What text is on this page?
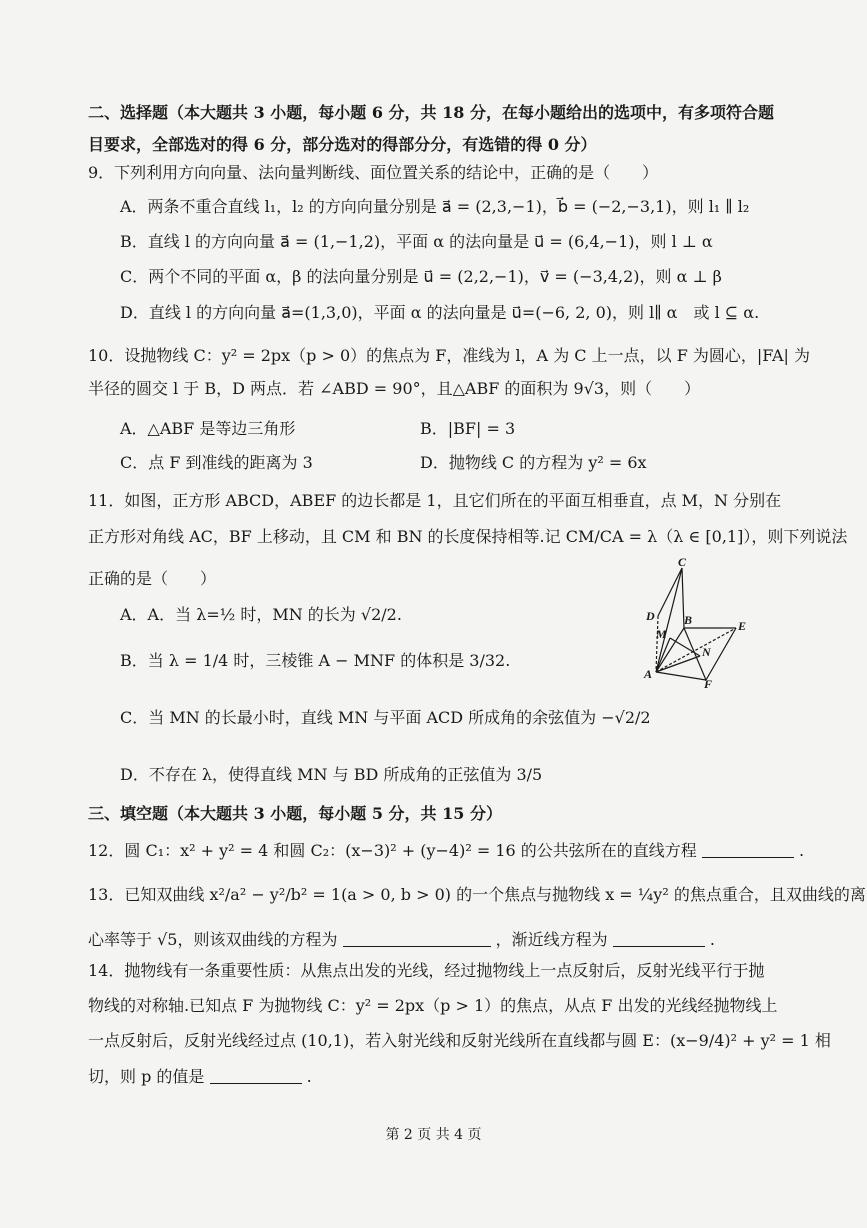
二、选择题（本大题共 3 小题，每小题 6 分，共 18 分，在每小题给出的选项中，有多项符合题
目要求，全部选对的得 6 分，部分选对的得部分分，有选错的得 0 分）
9．下列利用方向向量、法向量判断线、面位置关系的结论中，正确的是（　　）
A．两条不重合直线 l₁，l₂ 的方向向量分别是 a⃗ = (2,3,−1)，b⃗ = (−2,−3,1)，则 l₁ ∥ l₂
B．直线 l 的方向向量 a⃗ = (1,−1,2)，平面 α 的法向量是 u⃗ = (6,4,−1)，则 l ⊥ α
C．两个不同的平面 α，β 的法向量分别是 u⃗ = (2,2,−1)，v⃗ = (−3,4,2)，则 α ⊥ β
D．直线 l 的方向向量 a⃗=(1,3,0)，平面 α 的法向量是 u⃗=(−6, 2, 0)，则 l∥ α　或 l ⊆ α.
10．设抛物线 C：y² = 2px（p > 0）的焦点为 F，准线为 l，A 为 C 上一点，以 F 为圆心，|FA| 为
半径的圆交 l 于 B，D 两点．若 ∠ABD = 90°，且△ABF 的面积为 9√3，则（　　）
A．△ABF 是等边三角形	B．|BF| = 3
C．点 F 到准线的距离为 3	D．抛物线 C 的方程为 y² = 6x
11．如图，正方形 ABCD，ABEF 的边长都是 1，且它们所在的平面互相垂直，点 M，N 分别在
正方形对角线 AC，BF 上移动，且 CM 和 BN 的长度保持相等.记 CM/CA = λ（λ ∈ [0,1]），则下列说法
正确的是（　　）
A．A．当 λ=½ 时，MN 的长为 √2/2.
B．当 λ = 1/4 时，三棱锥 A − MNF 的体积是 3/32.
C．当 MN 的长最小时，直线 MN 与平面 ACD 所成角的余弦值为 −√2/2
D．不存在 λ，使得直线 MN 与 BD 所成角的正弦值为 3/5
C
D
M
B	E
N
A
F
三、填空题（本大题共 3 小题，每小题 5 分，共 15 分）
12．圆 C₁：x² + y² = 4 和圆 C₂：(x−3)² + (y−4)² = 16 的公共弦所在的直线方程	.
13．已知双曲线 x²/a² − y²/b² = 1(a > 0, b > 0) 的一个焦点与抛物线 x = ¼y² 的焦点重合，且双曲线的离
心率等于 √5，则该双曲线的方程为	，渐近线方程为	.
14．抛物线有一条重要性质：从焦点出发的光线，经过抛物线上一点反射后，反射光线平行于抛
物线的对称轴.已知点 F 为抛物线 C：y² = 2px（p > 1）的焦点，从点 F 出发的光线经抛物线上
一点反射后，反射光线经过点 (10,1)，若入射光线和反射光线所在直线都与圆 E：(x−9/4)² + y² = 1 相
切，则 p 的值是	.
第 2 页 共 4 页
